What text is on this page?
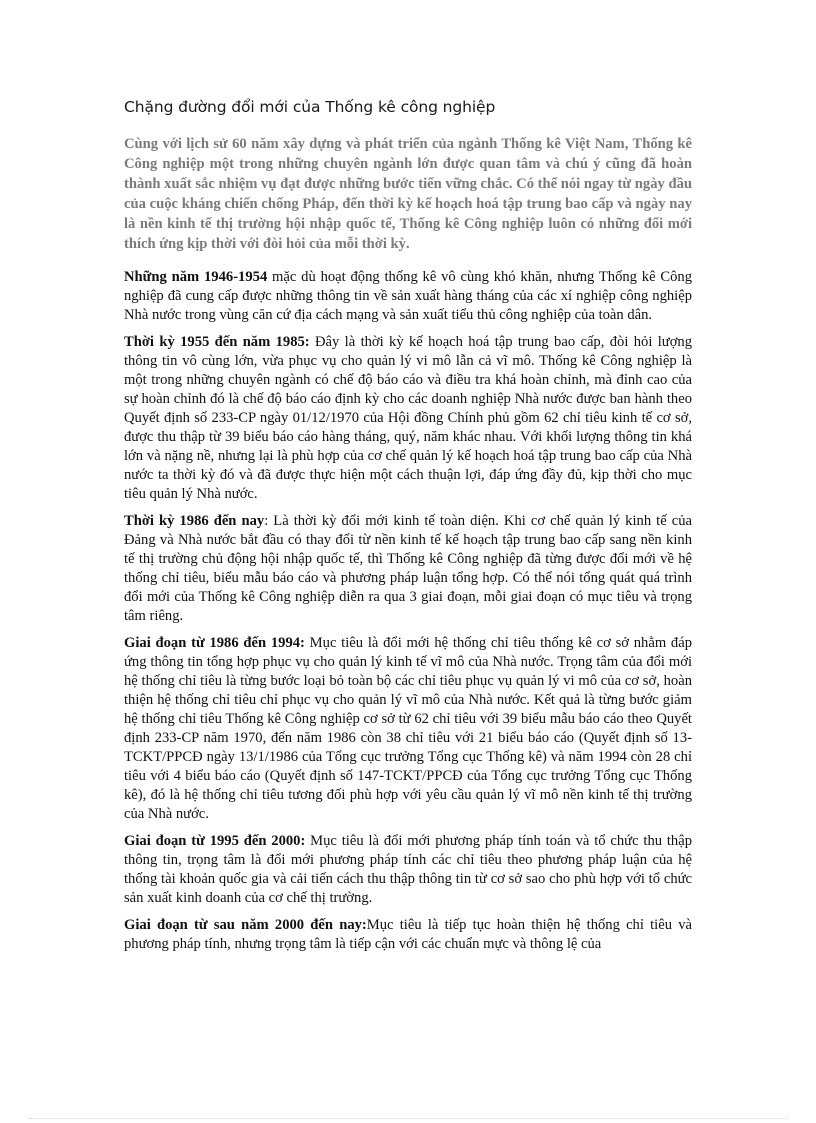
Chặng đường đổi mới của Thống kê công nghiệp

Cùng với lịch sử 60 năm xây dựng và phát triển của ngành Thống kê Việt Nam, Thống kê Công nghiệp một trong những chuyên ngành lớn được quan tâm và chú ý cũng đã hoàn thành xuất sắc nhiệm vụ đạt được những bước tiến vững chắc. Có thể nói ngay từ ngày đầu của cuộc kháng chiến chống Pháp, đến thời kỳ kế hoạch hoá tập trung bao cấp và ngày nay là nền kinh tế thị trường hội nhập quốc tế, Thống kê Công nghiệp luôn có những đổi mới thích ứng kịp thời với đòi hỏi của mỗi thời kỳ.

Những năm 1946-1954 mặc dù hoạt động thống kê vô cùng khó khăn, nhưng Thống kê Công nghiệp đã cung cấp được những thông tin về sản xuất hàng tháng của các xí nghiệp công nghiệp Nhà nước trong vùng căn cứ địa cách mạng và sản xuất tiểu thủ công nghiệp của toàn dân.

Thời kỳ 1955 đến năm 1985: Đây là thời kỳ kế hoạch hoá tập trung bao cấp, đòi hỏi lượng thông tin vô cùng lớn, vừa phục vụ cho quản lý vi mô lẫn cả vĩ mô. Thống kê Công nghiệp là một trong những chuyên ngành có chế độ báo cáo và điều tra khá hoàn chỉnh, mà đỉnh cao của sự hoàn chỉnh đó là chế độ báo cáo định kỳ cho các doanh nghiệp Nhà nước được ban hành theo Quyết định số 233-CP ngày 01/12/1970 của Hội đồng Chính phủ gồm 62 chỉ tiêu kinh tế cơ sở, được thu thập từ 39 biểu báo cáo hàng tháng, quý, năm khác nhau. Với khối lượng thông tin khá lớn và nặng nề, nhưng lại là phù hợp của cơ chế quản lý kế hoạch hoá tập trung bao cấp của Nhà nước ta thời kỳ đó và đã được thực hiện một cách thuận lợi, đáp ứng đầy đủ, kịp thời cho mục tiêu quản lý Nhà nước.

Thời kỳ 1986 đến nay: Là thời kỳ đổi mới kinh tế toàn diện. Khi cơ chế quản lý kinh tế của Đảng và Nhà nước bắt đầu có thay đổi từ nền kinh tế kế hoạch tập trung bao cấp sang nền kinh tế thị trường chủ động hội nhập quốc tế, thì Thống kê Công nghiệp đã từng được đổi mới về hệ thống chỉ tiêu, biểu mẫu báo cáo và phương pháp luận tổng hợp. Có thể nói tổng quát quá trình đổi mới của Thống kê Công nghiệp diễn ra qua 3 giai đoạn, mỗi giai đoạn có mục tiêu và trọng tâm riêng.

Giai đoạn từ 1986 đến 1994: Mục tiêu là đổi mới hệ thống chỉ tiêu thống kê cơ sở nhằm đáp ứng thông tin tổng hợp phục vụ cho quản lý kinh tế vĩ mô của Nhà nước. Trọng tâm của đổi mới hệ thống chỉ tiêu là từng bước loại bỏ toàn bộ các chỉ tiêu phục vụ quản lý vi mô của cơ sở, hoàn thiện hệ thống chỉ tiêu chỉ phục vụ cho quản lý vĩ mô của Nhà nước. Kết quả là từng bước giảm hệ thống chỉ tiêu Thống kê Công nghiệp cơ sở từ 62 chỉ tiêu với 39 biểu mẫu báo cáo theo Quyết định 233-CP năm 1970, đến năm 1986 còn 38 chỉ tiêu với 21 biểu báo cáo (Quyết định số 13-TCKT/PPCĐ ngày 13/1/1986 của Tổng cục trưởng Tổng cục Thống kê) và năm 1994 còn 28 chỉ tiêu với 4 biểu báo cáo (Quyết định số 147-TCKT/PPCĐ của Tổng cục trưởng Tổng cục Thống kê), đó là hệ thống chỉ tiêu tương đối phù hợp với yêu cầu quản lý vĩ mô nền kinh tế thị trường của Nhà nước.

Giai đoạn từ 1995 đến 2000: Mục tiêu là đổi mới phương pháp tính toán và tổ chức thu thập thông tin, trọng tâm là đổi mới phương pháp tính các chỉ tiêu theo phương pháp luận của hệ thống tài khoản quốc gia và cải tiến cách thu thập thông tin từ cơ sở sao cho phù hợp với tổ chức sản xuất kinh doanh của cơ chế thị trường.

Giai đoạn từ sau năm 2000 đến nay:Mục tiêu là tiếp tục hoàn thiện hệ thống chỉ tiêu và phương pháp tính, nhưng trọng tâm là tiếp cận với các chuẩn mực và thông lệ của
